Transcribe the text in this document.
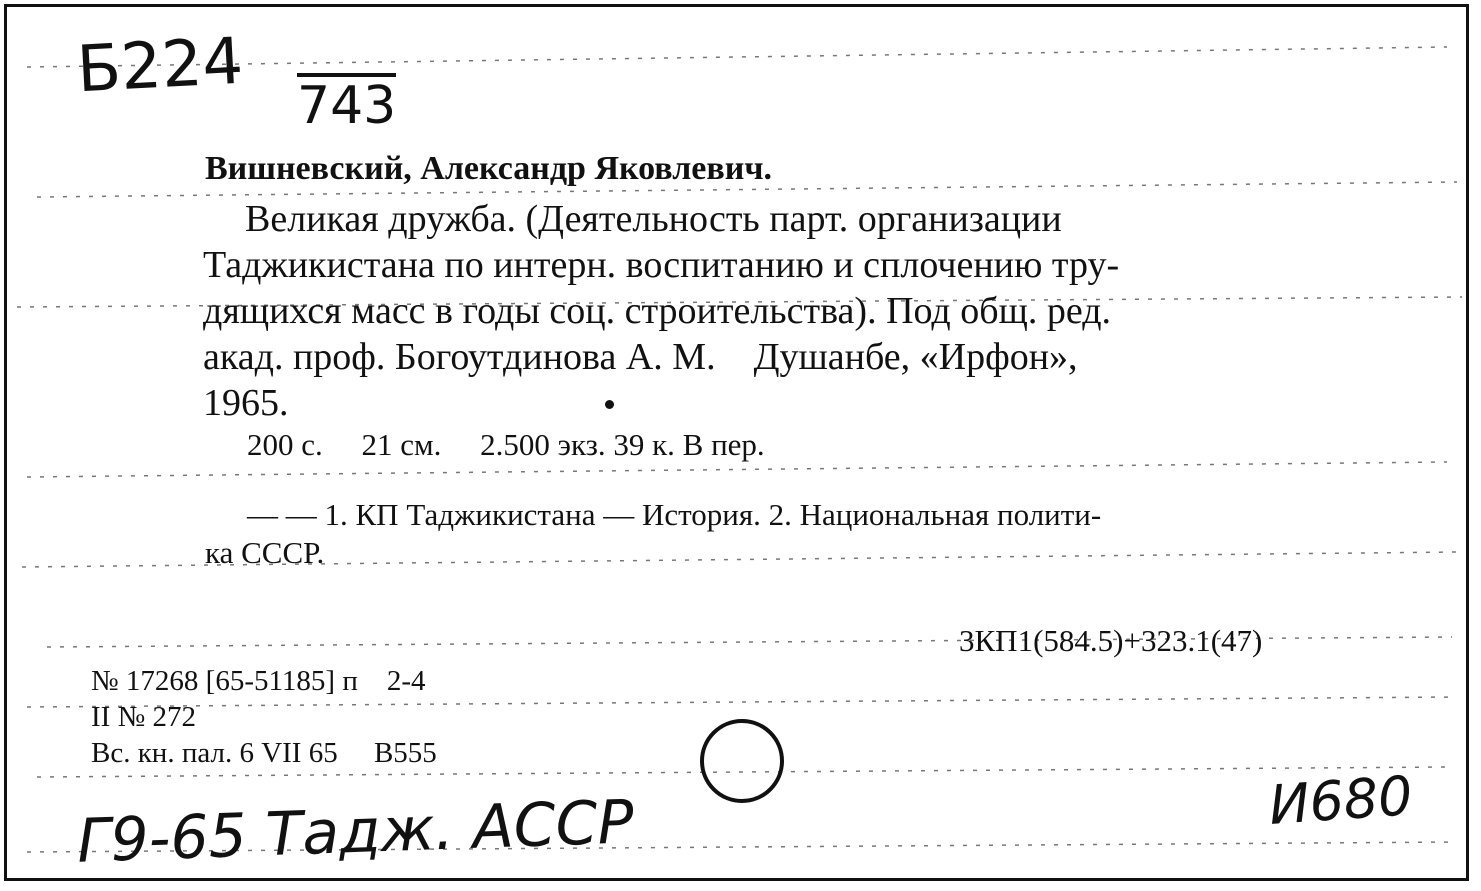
Б224 743
Вишневский, Александр Яковлевич.
Великая дружба. (Деятельность парт. организации
Таджикистана по интерн. воспитанию и сплочению тру-
дящихся масс в годы соц. строительства). Под общ. ред.
акад. проф. Богоутдинова А. М.    Душанбе, «Ирфон»,
1965.
200 с.     21 см.     2.500 экз. 39 к. В пер.
— — 1. КП Таджикистана — История. 2. Национальная полити-
ка СССР.
3КП1(584.5)+323.1(47)
№ 17268 [65-51185] п    2-4
II № 272
Вс. кн. пал. 6 VII 65     B555
Г9-65 Тадж. АССР	И680
